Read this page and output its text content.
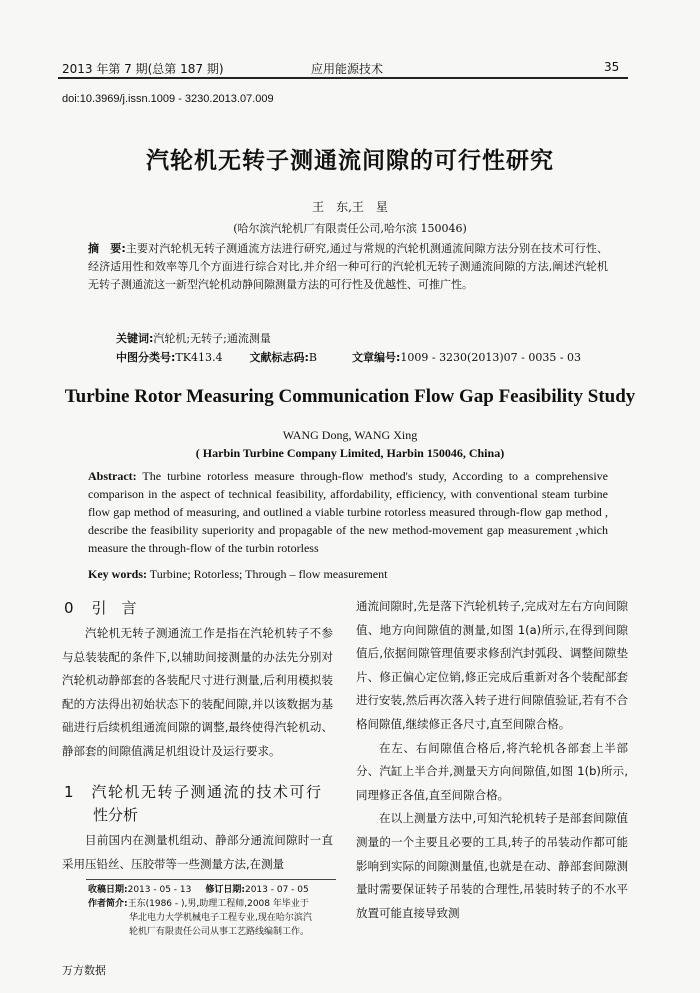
2013 年第 7 期(总第 187 期)	应用能源技术	35
doi:10.3969/j.issn.1009 - 3230.2013.07.009
汽轮机无转子测通流间隙的可行性研究
王　东,王　星
(哈尔滨汽轮机厂有限责任公司,哈尔滨 150046)
摘　要:主要对汽轮机无转子测通流方法进行研究,通过与常规的汽轮机测通流间隙方法分别在技术可行性、经济适用性和效率等几个方面进行综合对比,并介绍一种可行的汽轮机无转子测通流间隙的方法,阐述汽轮机无转子测通流这一新型汽轮机动静间隙测量方法的可行性及优越性、可推广性。
关键词:汽轮机;无转子;通流测量
中图分类号:TK413.4 文献标志码:B	文章编号:1009 - 3230(2013)07 - 0035 - 03
Turbine Rotor Measuring Communication Flow Gap Feasibility Study
WANG Dong, WANG Xing
( Harbin Turbine Company Limited, Harbin 150046, China)
Abstract: The turbine rotorless measure through-flow method's study, According to a comprehensive comparison in the aspect of technical feasibility, affordability, efficiency, with conventional steam turbine flow gap method of measuring, and outlined a viable turbine rotorless measured through-flow gap method , describe the feasibility superiority and propagable of the new method-movement gap measurement ,which measure the through-flow of the turbin rotorless
Key words: Turbine; Rotorless; Through – flow measurement
0 引　言

汽轮机无转子测通流工作是指在汽轮机转子不参与总装装配的条件下,以辅助间接测量的办法先分别对汽轮机动静部套的各装配尺寸进行测量,后利用模拟装配的方法得出初始状态下的装配间隙,并以该数据为基础进行后续机组通流间隙的调整,最终使得汽轮机动、静部套的间隙值满足机组设计及运行要求。

1 汽轮机无转子测通流的技术可行
性分析

目前国内在测量机组动、静部分通流间隙时一直采用压铅丝、压胶带等一些测量方法,在测量

收稿日期:2013 - 05 - 13 修订日期:2013 - 07 - 05
作者简介:王东(1986 - ),男,助理工程师,2008 年毕业于
华北电力大学机械电子工程专业,现在哈尔滨汽
轮机厂有限责任公司从事工艺路线编制工作。

通流间隙时,先是落下汽轮机转子,完成对左右方向间隙值、地方向间隙值的测量,如图 1(a)所示,在得到间隙值后,依据间隙管理值要求修刮汽封弧段、调整间隙垫片、修正偏心定位销,修正完成后重新对各个装配部套进行安装,然后再次落入转子进行间隙值验证,若有不合格间隙值,继续修正各尺寸,直至间隙合格。

在左、右间隙值合格后,将汽轮机各部套上半部分、汽缸上半合并,测量天方向间隙值,如图 1(b)所示,同理修正各值,直至间隙合格。

在以上测量方法中,可知汽轮机转子是部套间隙值测量的一个主要且必要的工具,转子的吊装动作都可能影响到实际的间隙测量值,也就是在动、静部套间隙测量时需要保证转子吊装的合理性,吊装时转子的不水平放置可能直接导致测

万方数据
